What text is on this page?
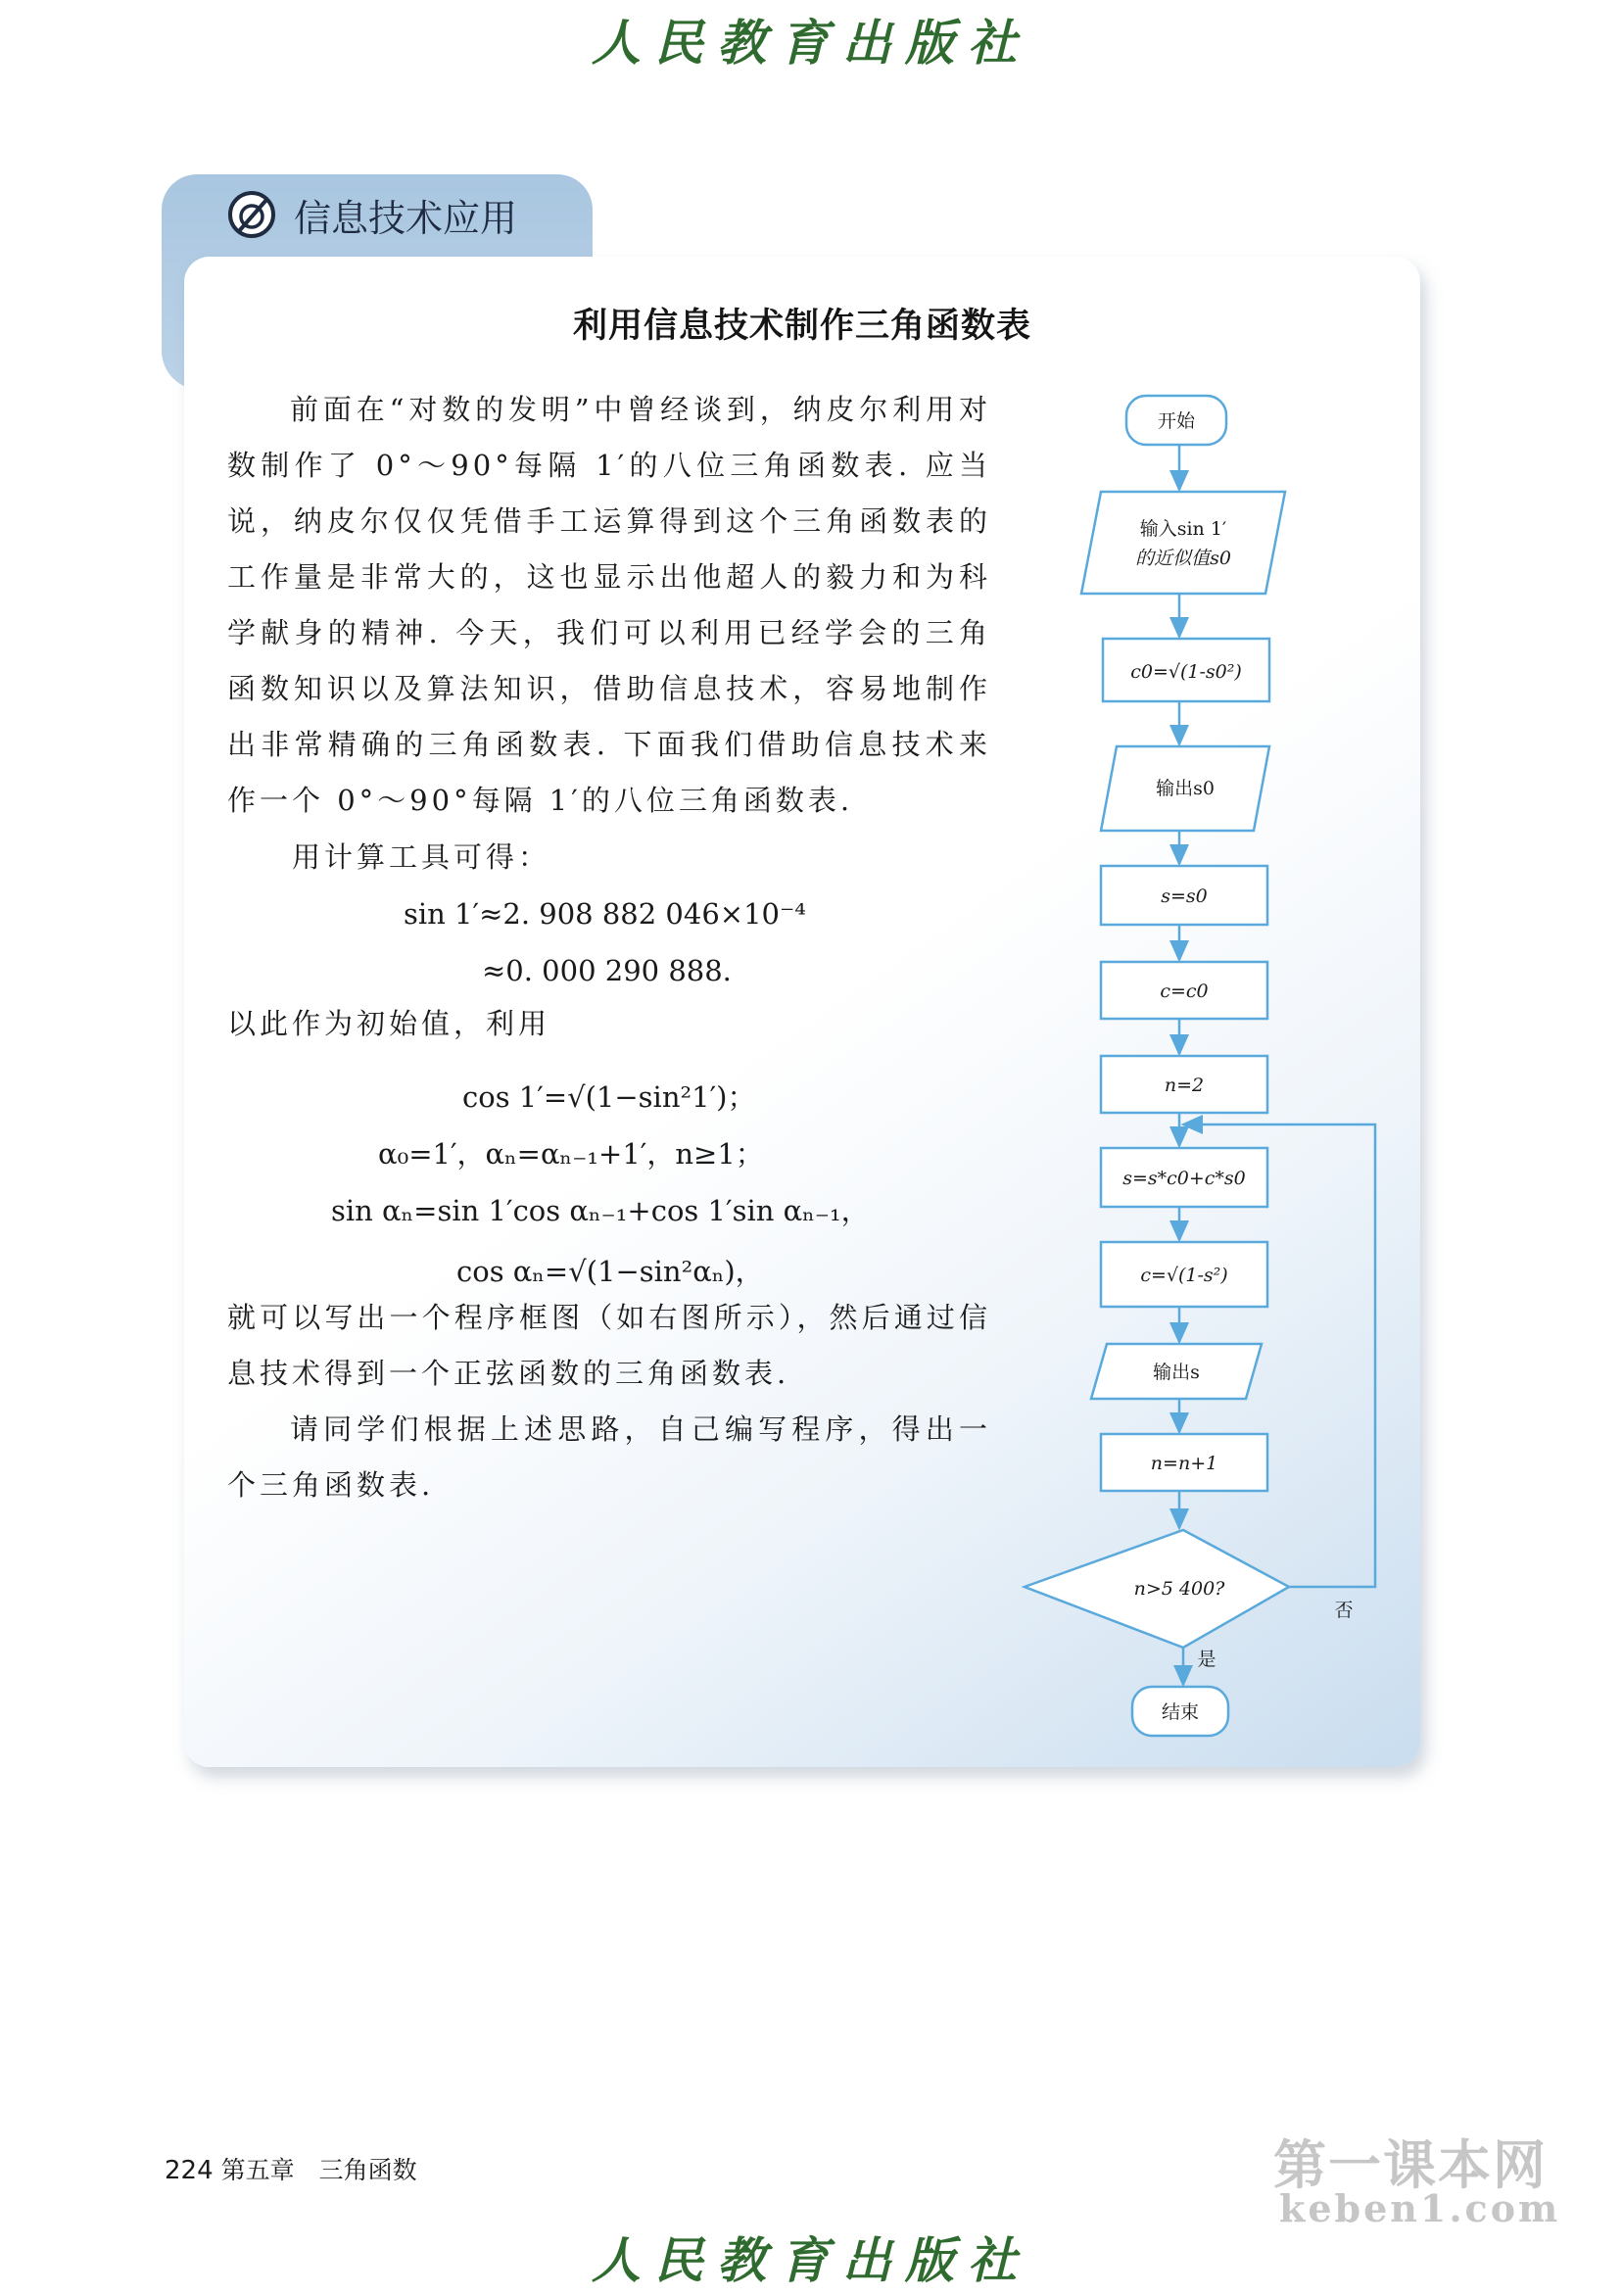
人民教育出版社
信息技术应用
利用信息技术制作三角函数表

前面在“对数的发明”中曾经谈到，纳皮尔利用对数制作了 0°～90°每隔 1′的八位三角函数表. 应当说，纳皮尔仅仅凭借手工运算得到这个三角函数表的工作量是非常大的，这也显示出他超人的毅力和为科学献身的精神. 今天，我们可以利用已经学会的三角函数知识以及算法知识，借助信息技术，容易地制作出非常精确的三角函数表. 下面我们借助信息技术来作一个 0°～90°每隔 1′的八位三角函数表.

用计算工具可得：

sin 1′≈2. 908 882 046×10⁻⁴
≈0. 000 290 888.

以此作为初始值，利用

cos 1′=√(1−sin²1′)；
α₀=1′，αₙ=αₙ₋₁+1′，n≥1；
sin αₙ=sin 1′cos αₙ₋₁+cos 1′sin αₙ₋₁，
cos αₙ=√(1−sin²αₙ)，

就可以写出一个程序框图（如右图所示），然后通过信息技术得到一个正弦函数的三角函数表.

请同学们根据上述思路，自己编写程序，得出一个三角函数表.

开始
输入sin 1′
的近似值s0
c0=√(1-s0²)
输出s0
s=s0
c=c0
n=2
s=s*c0+c*s0
c=√(1-s²)
输出s
n=n+1
n>5 400?
否
是
结束
224 第五章　三角函数	第一课本网
keben1.com
人民教育出版社
